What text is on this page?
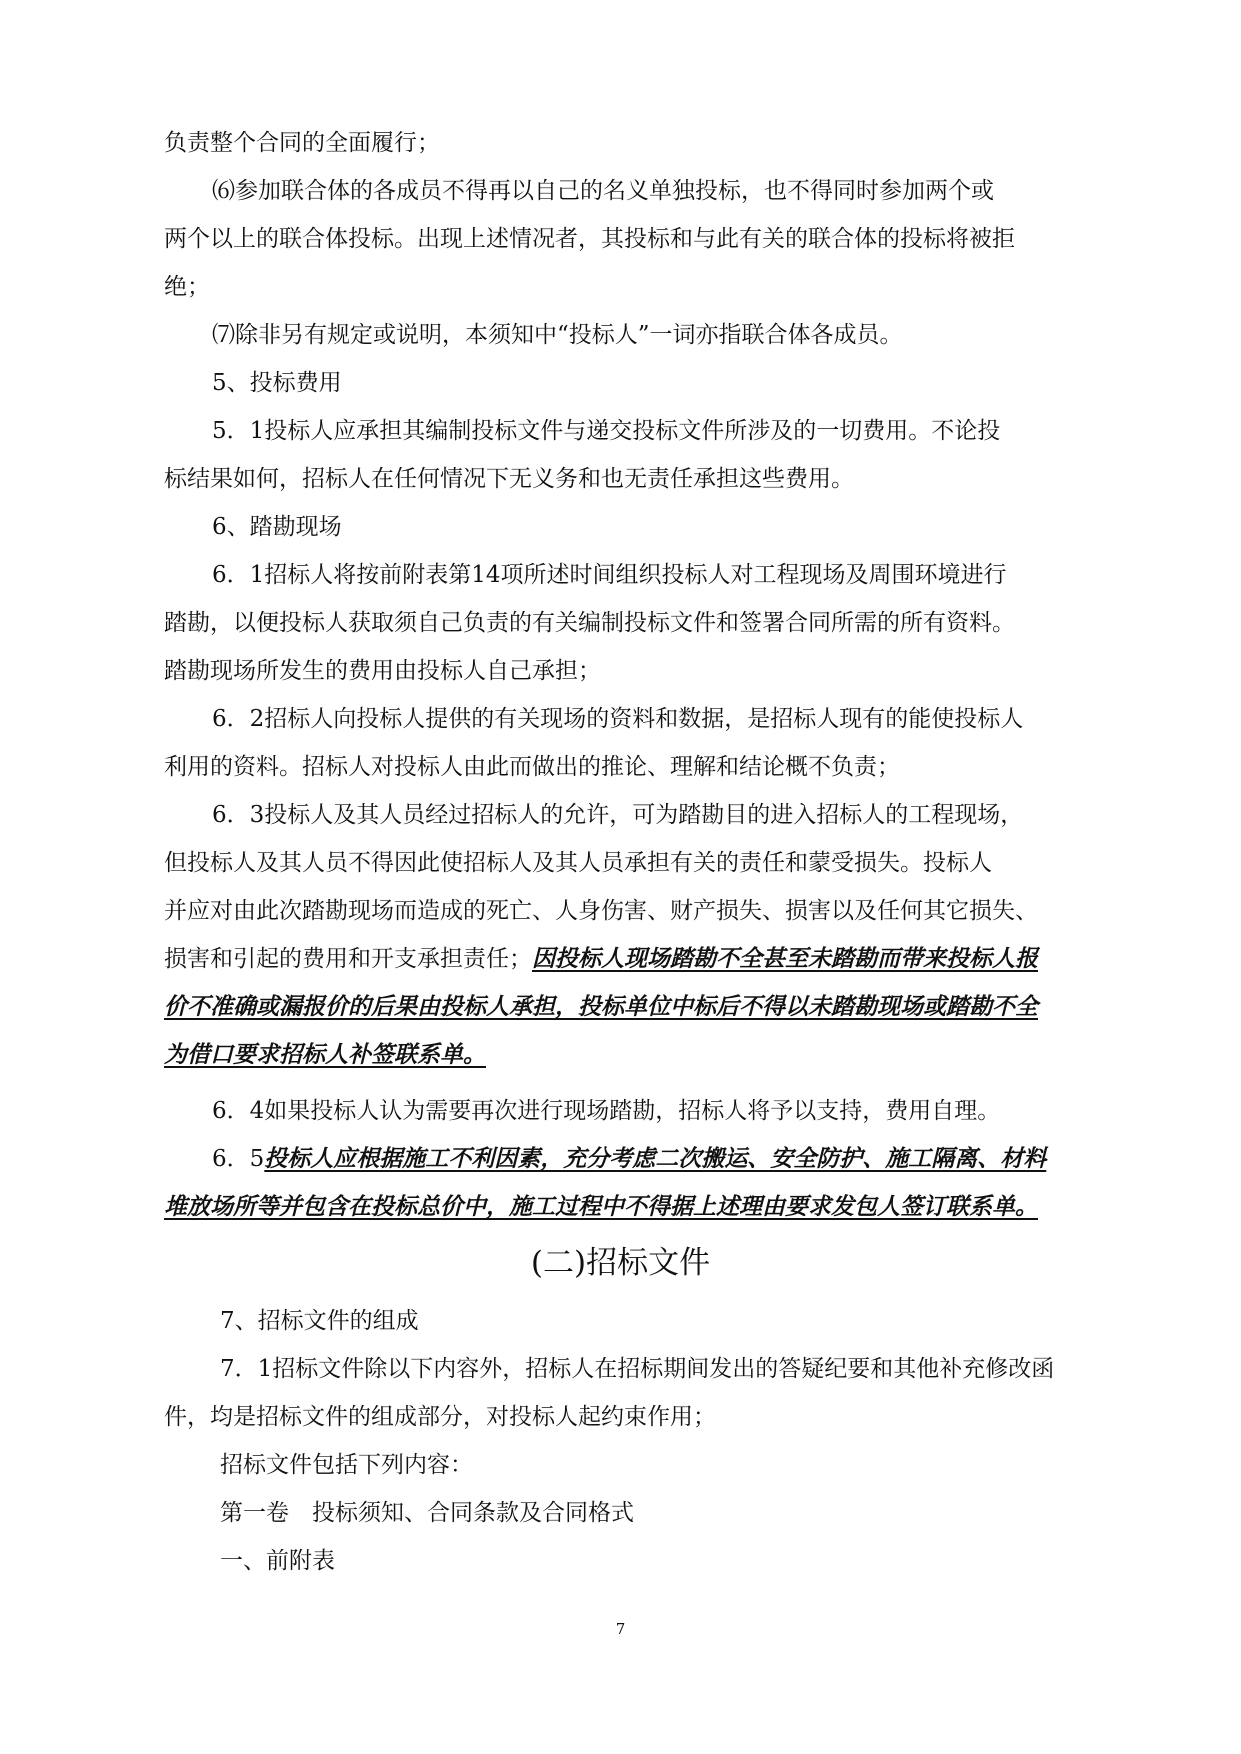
负责整个合同的全面履行；
⑹参加联合体的各成员不得再以自己的名义单独投标，也不得同时参加两个或
两个以上的联合体投标。出现上述情况者，其投标和与此有关的联合体的投标将被拒
绝；
⑺除非另有规定或说明，本须知中“投标人”一词亦指联合体各成员。
5、投标费用
5．1投标人应承担其编制投标文件与递交投标文件所涉及的一切费用。不论投
标结果如何，招标人在任何情况下无义务和也无责任承担这些费用。
6、踏勘现场
6．1招标人将按前附表第14项所述时间组织投标人对工程现场及周围环境进行
踏勘，以便投标人获取须自己负责的有关编制投标文件和签署合同所需的所有资料。
踏勘现场所发生的费用由投标人自己承担；
6．2招标人向投标人提供的有关现场的资料和数据，是招标人现有的能使投标人
利用的资料。招标人对投标人由此而做出的推论、理解和结论概不负责；
6．3投标人及其人员经过招标人的允许，可为踏勘目的进入招标人的工程现场，
但投标人及其人员不得因此使招标人及其人员承担有关的责任和蒙受损失。投标人
并应对由此次踏勘现场而造成的死亡、人身伤害、财产损失、损害以及任何其它损失、
损害和引起的费用和开支承担责任；因投标人现场踏勘不全甚至未踏勘而带来投标人报
价不准确或漏报价的后果由投标人承担，投标单位中标后不得以未踏勘现场或踏勘不全
为借口要求招标人补签联系单。
6．4如果投标人认为需要再次进行现场踏勘，招标人将予以支持，费用自理。
6．5投标人应根据施工不利因素，充分考虑二次搬运、安全防护、施工隔离、材料
堆放场所等并包含在投标总价中，施工过程中不得据上述理由要求发包人签订联系单。
(二)招标文件
7、招标文件的组成
7．1招标文件除以下内容外，招标人在招标期间发出的答疑纪要和其他补充修改函
件，均是招标文件的组成部分，对投标人起约束作用；
招标文件包括下列内容：
第一卷　投标须知、合同条款及合同格式
一、前附表
7
